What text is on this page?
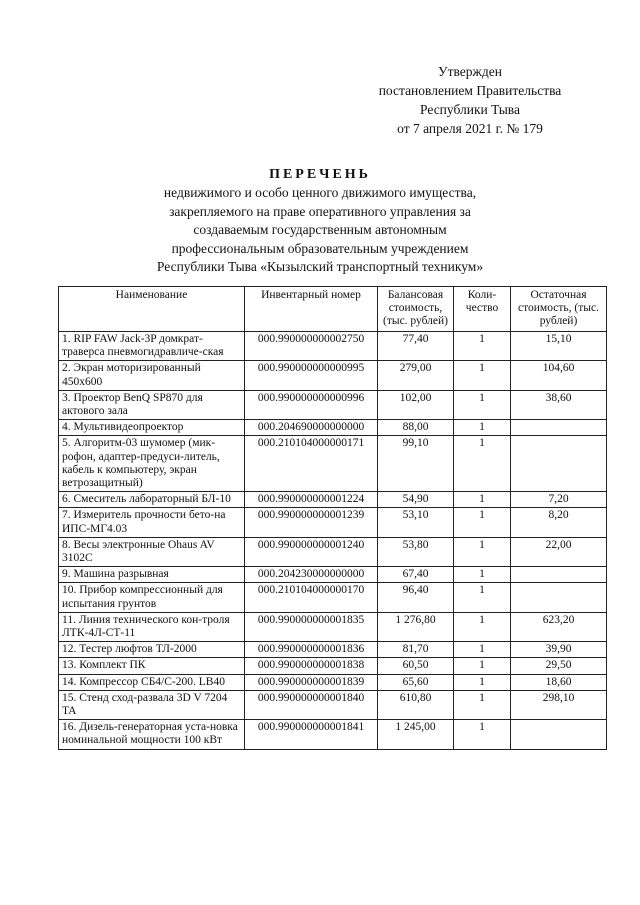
Утвержден
постановлением Правительства
Республики Тыва
от 7 апреля 2021 г. № 179
ПЕРЕЧЕНЬ
недвижимого и особо ценного движимого имущества,
закрепляемого на праве оперативного управления за
создаваемым государственным автономным
профессиональным образовательным учреждением
Республики Тыва «Кызылский транспортный техникум»
Наименование	Инвентарный номер	Балансовая стоимость, (тыс. рублей)	Коли-чество	Остаточная стоимость, (тыс. рублей)
1. RIP FAW Jack-3P домкрат-траверса пневмогидравличе-ская	000.990000000002750	77,40	1	15,10
2. Экран моторизированный 450х600	000.990000000000995	279,00	1	104,60
3. Проектор BenQ SP870 для актового зала	000.990000000000996	102,00	1	38,60
4. Мультивидеопроектор	000.204690000000000	88,00	1	
5. Алгоритм-03 шумомер (мик-рофон, адаптер-предуси-литель, кабель к компьютеру, экран ветрозащитный)	000.210104000000171	99,10	1	
6. Смеситель лабораторный БЛ-10	000.990000000001224	54,90	1	7,20
7. Измеритель прочности бето-на ИПС-МГ4.03	000.990000000001239	53,10	1	8,20
8. Весы электронные Ohaus AV 3102C	000.990000000001240	53,80	1	22,00
9. Машина разрывная	000.204230000000000	67,40	1	
10. Прибор компрессионный для испытания грунтов	000.210104000000170	96,40	1	
11. Линия технического кон-троля ЛТК-4Л-СТ-11	000.990000000001835	1 276,80	1	623,20
12. Тестер люфтов ТЛ-2000	000.990000000001836	81,70	1	39,90
13. Комплект ПК	000.990000000001838	60,50	1	29,50
14. Компрессор СБ4/С-200. LB40	000.990000000001839	65,60	1	18,60
15. Стенд сход-развала 3D V 7204 TA	000.990000000001840	610,80	1	298,10
16. Дизель-генераторная уста-новка номинальной мощности 100 кВт	000.990000000001841	1 245,00	1	
